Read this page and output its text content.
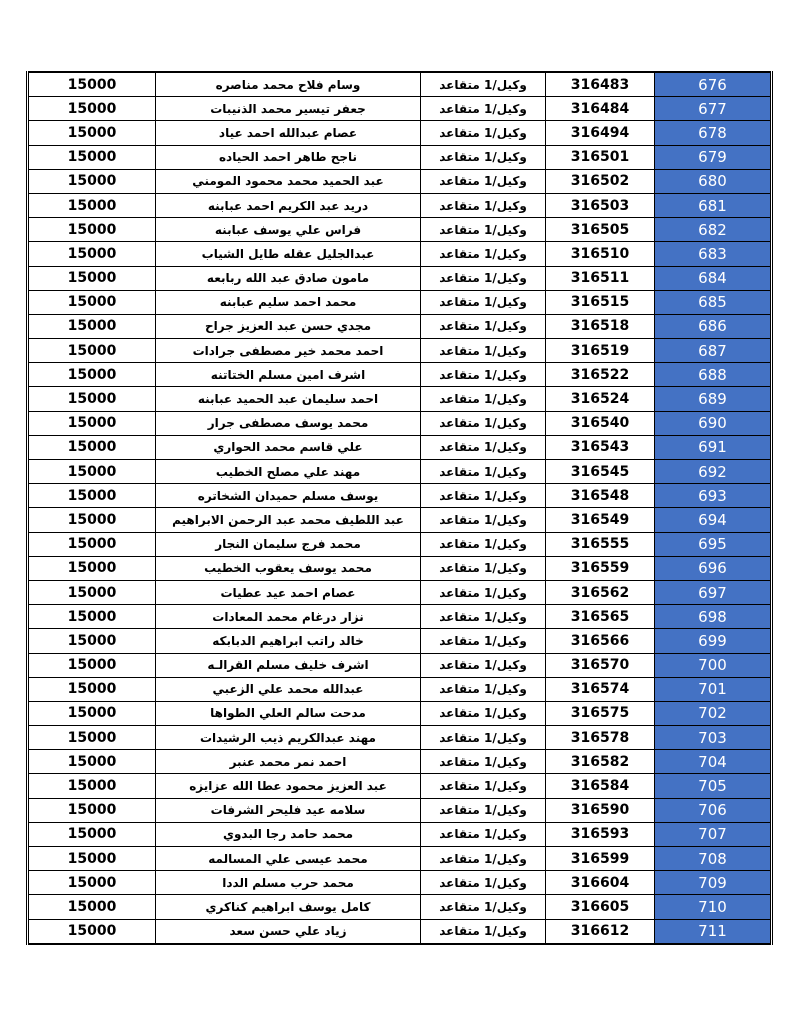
15000	وسام فلاح محمد مناصره	وكيل/1 متقاعد	316483	676
15000	جعفر تيسير محمد الذنيبات	وكيل/1 متقاعد	316484	677
15000	عصام عبدالله احمد عياد	وكيل/1 متقاعد	316494	678
15000	ناجح طاهر احمد الحياده	وكيل/1 متقاعد	316501	679
15000	عبد الحميد محمد محمود المومني	وكيل/1 متقاعد	316502	680
15000	دريد عبد الكريم احمد عبابنه	وكيل/1 متقاعد	316503	681
15000	فراس علي يوسف عبابنه	وكيل/1 متقاعد	316505	682
15000	عبدالجليل عقله طايل الشياب	وكيل/1 متقاعد	316510	683
15000	مامون صادق عبد الله ربابعه	وكيل/1 متقاعد	316511	684
15000	محمد احمد سليم عبابنه	وكيل/1 متقاعد	316515	685
15000	مجدي حسن عبد العزيز جراح	وكيل/1 متقاعد	316518	686
15000	احمد محمد خير مصطفى جرادات	وكيل/1 متقاعد	316519	687
15000	اشرف امين مسلم الختاتنه	وكيل/1 متقاعد	316522	688
15000	احمد سليمان عبد الحميد عبابنه	وكيل/1 متقاعد	316524	689
15000	محمد يوسف مصطفى جرار	وكيل/1 متقاعد	316540	690
15000	علي قاسم محمد الحواري	وكيل/1 متقاعد	316543	691
15000	مهند علي مصلح الخطيب	وكيل/1 متقاعد	316545	692
15000	يوسف مسلم حميدان الشخاتره	وكيل/1 متقاعد	316548	693
15000	عبد اللطيف محمد عبد الرحمن الابراهيم	وكيل/1 متقاعد	316549	694
15000	محمد فرج سليمان النجار	وكيل/1 متقاعد	316555	695
15000	محمد يوسف يعقوب الخطيب	وكيل/1 متقاعد	316559	696
15000	عصام احمد عيد عطيات	وكيل/1 متقاعد	316562	697
15000	نزار درغام محمد المعادات	وكيل/1 متقاعد	316565	698
15000	خالد راتب ابراهيم الدبابكه	وكيل/1 متقاعد	316566	699
15000	اشرف خليف مسلم القرالـه	وكيل/1 متقاعد	316570	700
15000	عبدالله محمد علي الزعبي	وكيل/1 متقاعد	316574	701
15000	مدحت سالم العلي الطواها	وكيل/1 متقاعد	316575	702
15000	مهند عبدالكريم ذيب الرشيدات	وكيل/1 متقاعد	316578	703
15000	احمد نمر محمد عنبر	وكيل/1 متقاعد	316582	704
15000	عبد العزيز محمود عطا الله عزايزه	وكيل/1 متقاعد	316584	705
15000	سلامه عيد فليحر الشرفات	وكيل/1 متقاعد	316590	706
15000	محمد حامد رجا البدوي	وكيل/1 متقاعد	316593	707
15000	محمد عيسى علي المسالمه	وكيل/1 متقاعد	316599	708
15000	محمد حرب مسلم الددا	وكيل/1 متقاعد	316604	709
15000	كامل يوسف ابراهيم كناكري	وكيل/1 متقاعد	316605	710
15000	زياد علي حسن سعد	وكيل/1 متقاعد	316612	711
